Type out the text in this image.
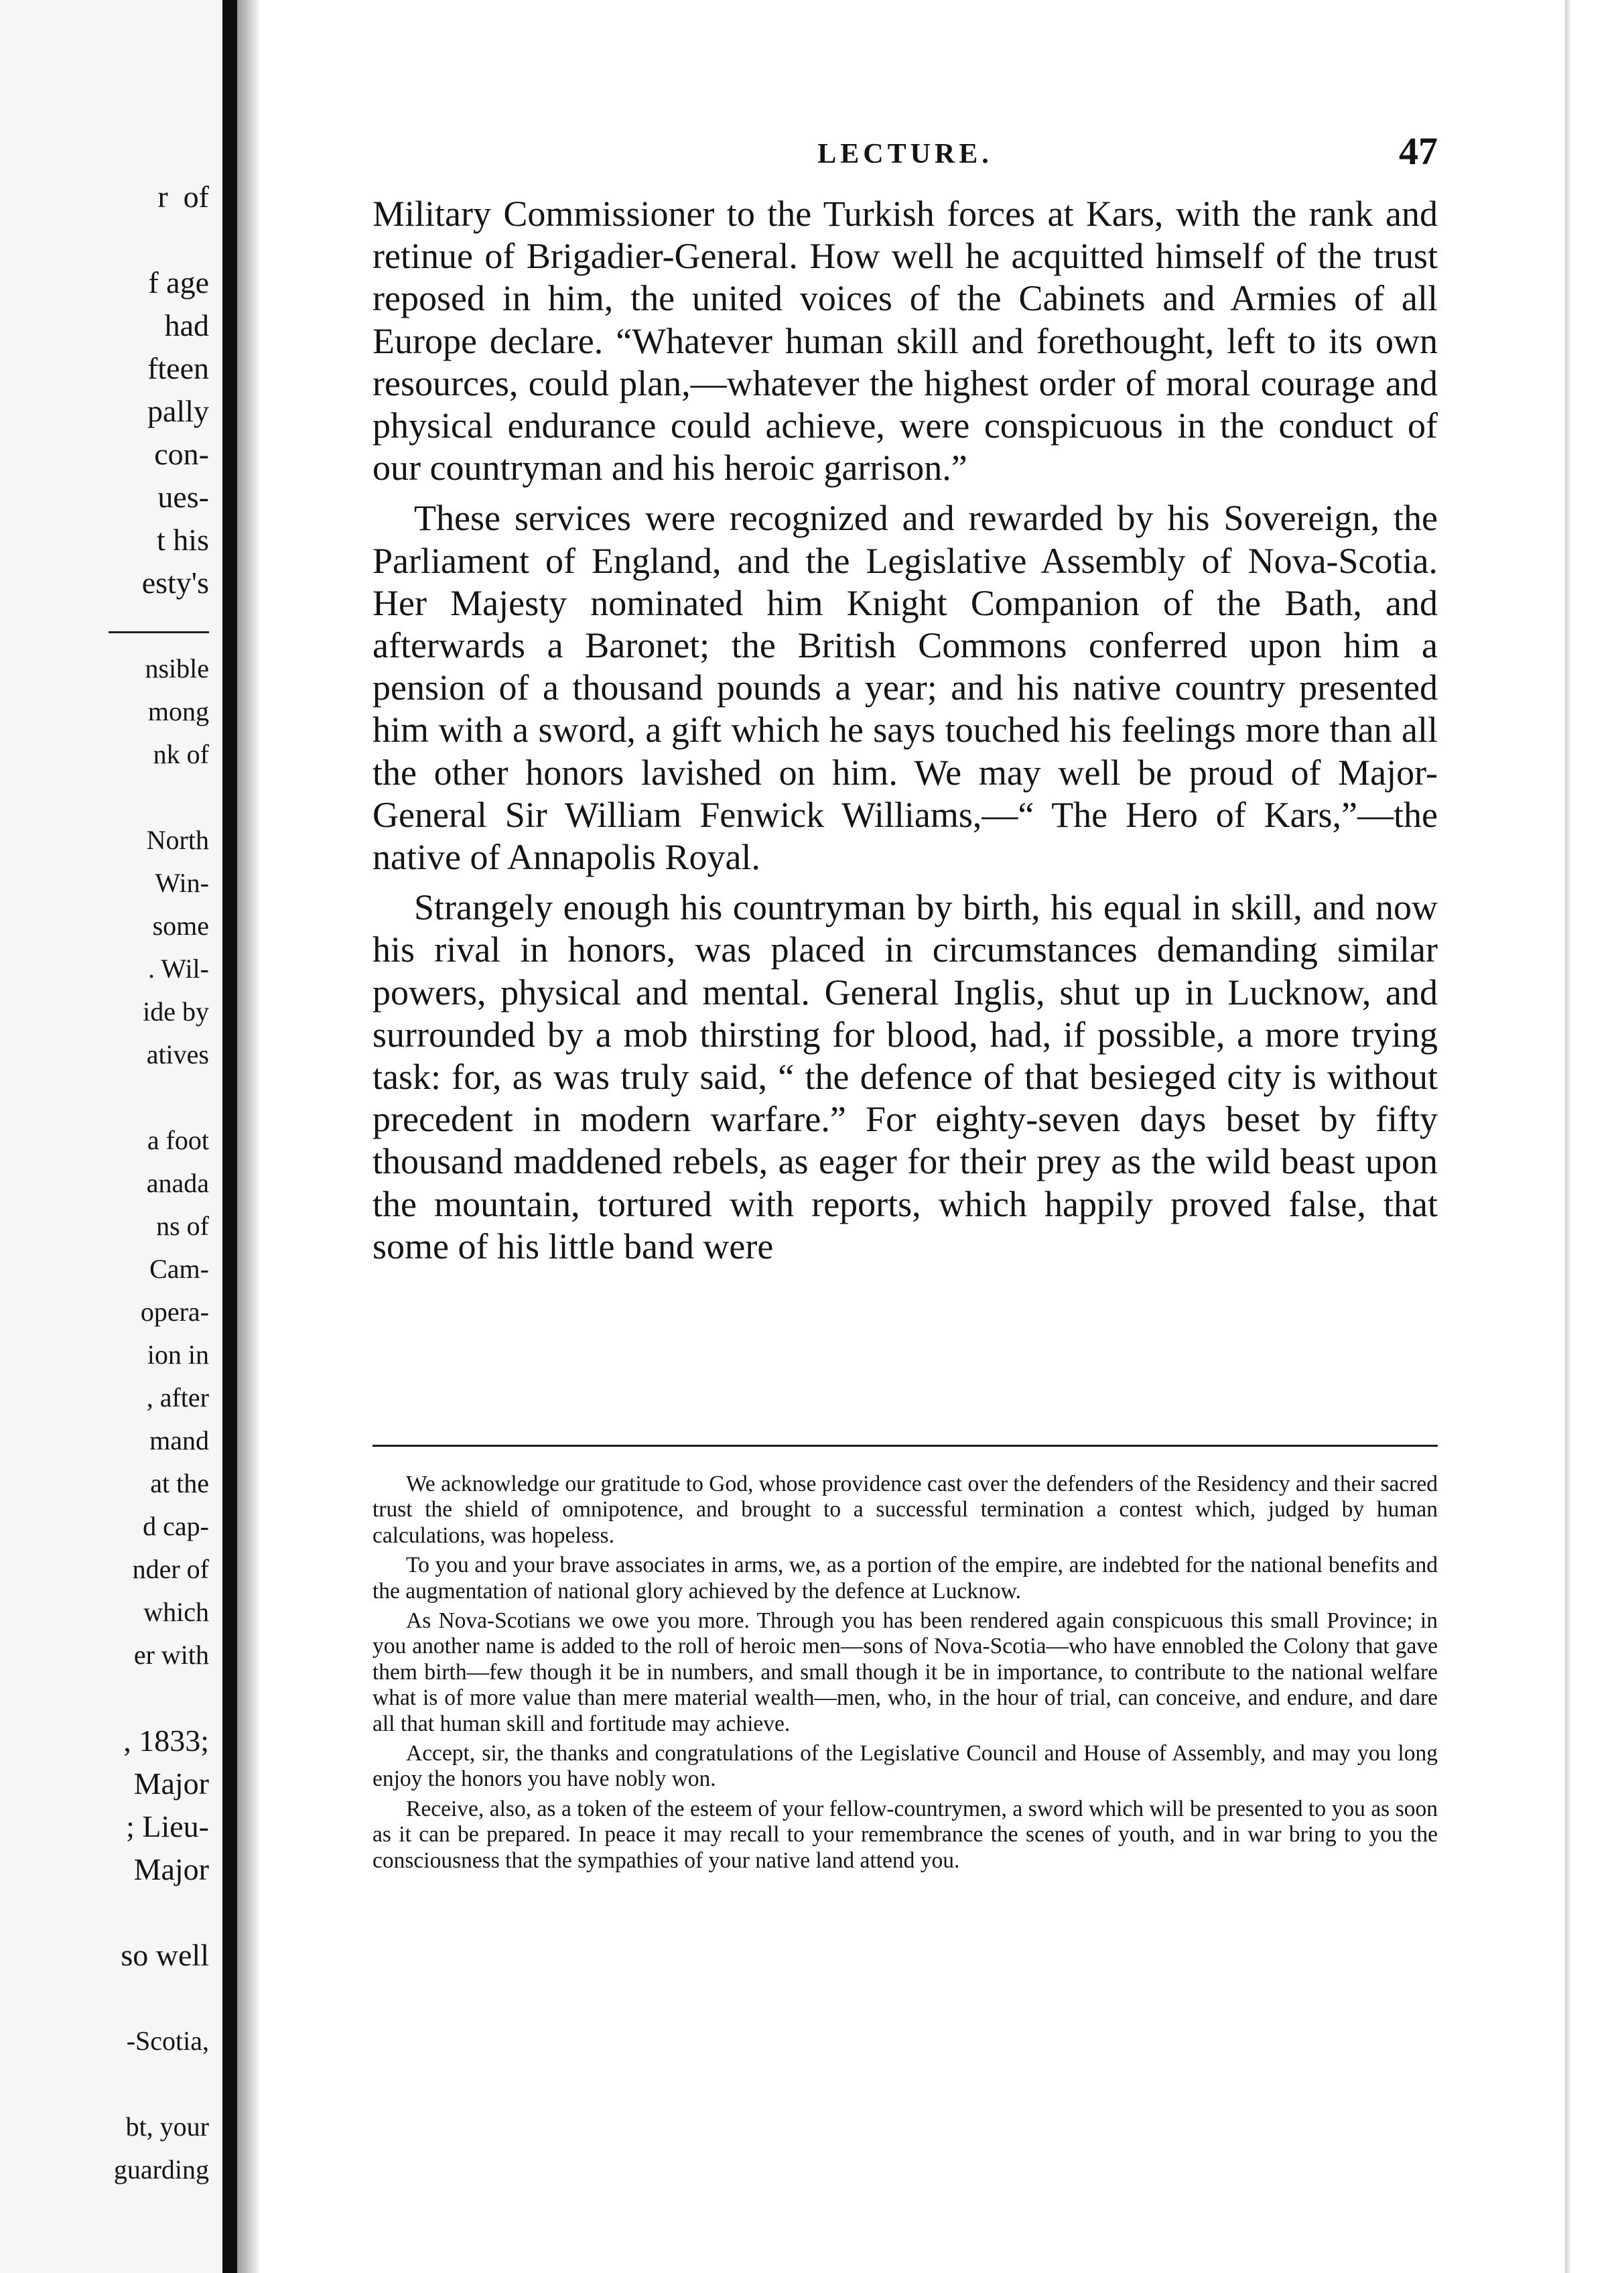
r  of
f age
had
fteen
pally
con-
ues-
t his
esty's
nsible
mong
nk of
North
Win-
some
. Wil-
ide by
atives
a foot
anada
ns of
Cam-
opera-
ion in
, after
mand
at the
d cap-
nder of
which
er with
, 1833;
Major
; Lieu-
Major
so well
-Scotia,
bt, your
guarding
LECTURE.	47

Military Commissioner to the Turkish forces at Kars, with the rank and retinue of Brigadier-General. How well he acquitted himself of the trust reposed in him, the united voices of the Cabinets and Armies of all Europe declare. “Whatever human skill and forethought, left to its own resources, could plan,—whatever the highest order of moral courage and physical endurance could achieve, were conspicuous in the conduct of our countryman and his heroic garrison.”

These services were recognized and rewarded by his Sovereign, the Parliament of England, and the Legislative Assembly of Nova-Scotia. Her Majesty nominated him Knight Companion of the Bath, and afterwards a Baronet; the British Commons conferred upon him a pension of a thousand pounds a year; and his native country presented him with a sword, a gift which he says touched his feelings more than all the other honors lavished on him. We may well be proud of Major-General Sir William Fenwick Williams,—“ The Hero of Kars,”—the native of Annapolis Royal.

Strangely enough his countryman by birth, his equal in skill, and now his rival in honors, was placed in circumstances demanding similar powers, physical and mental. General Inglis, shut up in Lucknow, and surrounded by a mob thirsting for blood, had, if possible, a more trying task: for, as was truly said, “ the defence of that besieged city is without precedent in modern warfare.” For eighty-seven days beset by fifty thousand maddened rebels, as eager for their prey as the wild beast upon the mountain, tortured with reports, which happily proved false, that some of his little band were

We acknowledge our gratitude to God, whose providence cast over the defenders of the Residency and their sacred trust the shield of omnipotence, and brought to a successful termination a contest which, judged by human calculations, was hopeless.

To you and your brave associates in arms, we, as a portion of the empire, are indebted for the national benefits and the augmentation of national glory achieved by the defence at Lucknow.

As Nova-Scotians we owe you more. Through you has been rendered again conspicuous this small Province; in you another name is added to the roll of heroic men—sons of Nova-Scotia—who have ennobled the Colony that gave them birth—few though it be in numbers, and small though it be in importance, to contribute to the national welfare what is of more value than mere material wealth—men, who, in the hour of trial, can conceive, and endure, and dare all that human skill and fortitude may achieve.

Accept, sir, the thanks and congratulations of the Legislative Council and House of Assembly, and may you long enjoy the honors you have nobly won.

Receive, also, as a token of the esteem of your fellow-countrymen, a sword which will be presented to you as soon as it can be prepared. In peace it may recall to your remembrance the scenes of youth, and in war bring to you the consciousness that the sympathies of your native land attend you.
